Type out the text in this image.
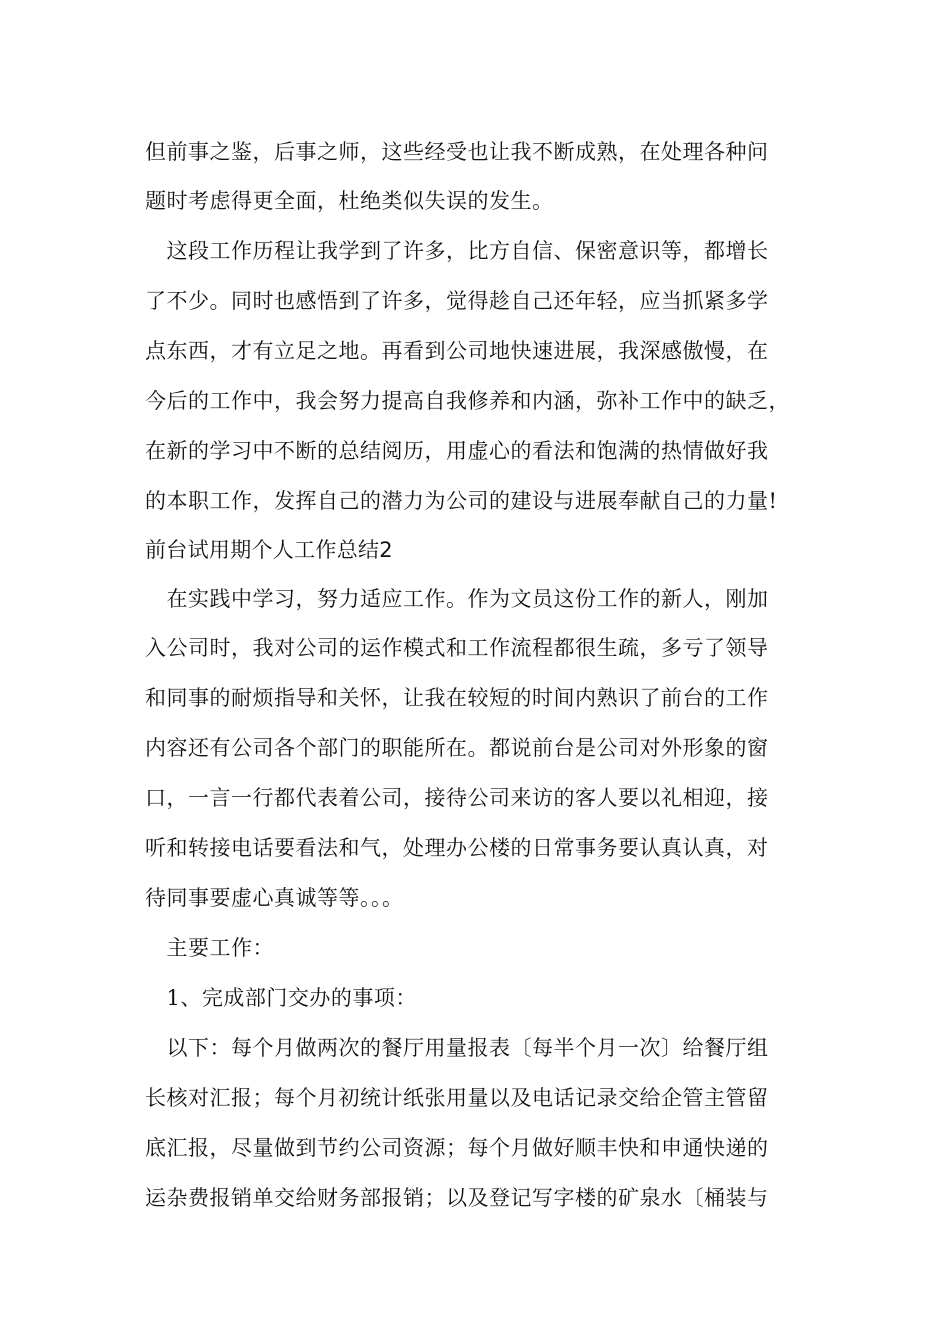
但前事之鉴，后事之师，这些经受也让我不断成熟，在处理各种问
题时考虑得更全面，杜绝类似失误的发生。
　这段工作历程让我学到了许多，比方自信、保密意识等，都增长
了不少。同时也感悟到了许多，觉得趁自己还年轻，应当抓紧多学
点东西，才有立足之地。再看到公司地快速进展，我深感傲慢，在
今后的工作中，我会努力提高自我修养和内涵，弥补工作中的缺乏，
在新的学习中不断的总结阅历，用虚心的看法和饱满的热情做好我
的本职工作，发挥自己的潜力为公司的建设与进展奉献自己的力量!
前台试用期个人工作总结2
　在实践中学习，努力适应工作。作为文员这份工作的新人，刚加
入公司时，我对公司的运作模式和工作流程都很生疏，多亏了领导
和同事的耐烦指导和关怀，让我在较短的时间内熟识了前台的工作
内容还有公司各个部门的职能所在。都说前台是公司对外形象的窗
口，一言一行都代表着公司，接待公司来访的客人要以礼相迎，接
听和转接电话要看法和气，处理办公楼的日常事务要认真认真，对
待同事要虚心真诚等等。。。
　主要工作：
　1、完成部门交办的事项：
　以下：每个月做两次的餐厅用量报表〔每半个月一次〕给餐厅组
长核对汇报；每个月初统计纸张用量以及电话记录交给企管主管留
底汇报，尽量做到节约公司资源；每个月做好顺丰快和申通快递的
运杂费报销单交给财务部报销；以及登记写字楼的矿泉水〔桶装与
